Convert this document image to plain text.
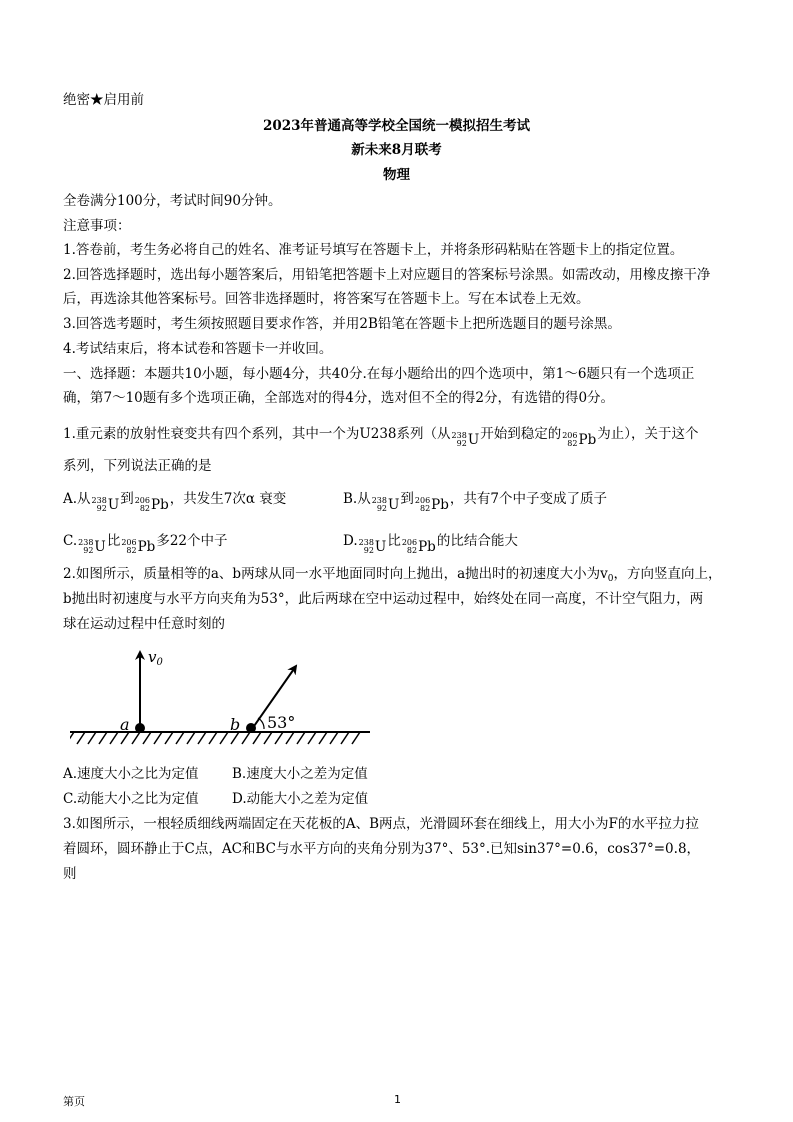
绝密★启用前
2023年普通高等学校全国统一模拟招生考试
新未来8月联考
物理
全卷满分100分，考试时间90分钟。
注意事项：
1.答卷前，考生务必将自己的姓名、准考证号填写在答题卡上，并将条形码粘贴在答题卡上的指定位置。
2.回答选择题时，选出每小题答案后，用铅笔把答题卡上对应题目的答案标号涂黑。如需改动，用橡皮擦干净
后，再选涂其他答案标号。回答非选择题时，将答案写在答题卡上。写在本试卷上无效。
3.回答选考题时，考生须按照题目要求作答，并用2B铅笔在答题卡上把所选题目的题号涂黑。
4.考试结束后，将本试卷和答题卡一并收回。
一、选择题：本题共10小题，每小题4分，共40分.在每小题给出的四个选项中，第1～6题只有一个选项正
确，第7～10题有多个选项正确，全部选对的得4分，选对但不全的得2分，有选错的得0分。
1.重元素的放射性衰变共有四个系列，其中一个为U238系列（从 238
92 U 开始到稳定的 206
82 Pb 为止），关于这个
系列，下列说法正确的是
A.从 238
92 U 到 206
82 Pb ，共发生7次α 衰变	B.从 238
92 U 到 206
82 Pb ，共有7个中子变成了质子
C. 238
92 U 比 206
82 Pb 多22个中子	D. 238
92 U 比 206
82 Pb 的比结合能大
2.如图所示，质量相等的a、b两球从同一水平地面同时向上抛出，a抛出时的初速度大小为$v_0$，方向竖直向上，
b抛出时初速度与水平方向夹角为53°，此后两球在空中运动过程中，始终处在同一高度，不计空气阻力，两
球在运动过程中任意时刻的
$v_0$
a	b 53°
A.速度大小之比为定值 B.速度大小之差为定值
C.动能大小之比为定值 D.动能大小之差为定值
3.如图所示，一根轻质细线两端固定在天花板的A、B两点，光滑圆环套在细线上，用大小为F的水平拉力拉
着圆环，圆环静止于C点，AC和BC与水平方向的夹角分别为37°、53°.已知sin37°=0.6，cos37°=0.8，
则
第页	1
